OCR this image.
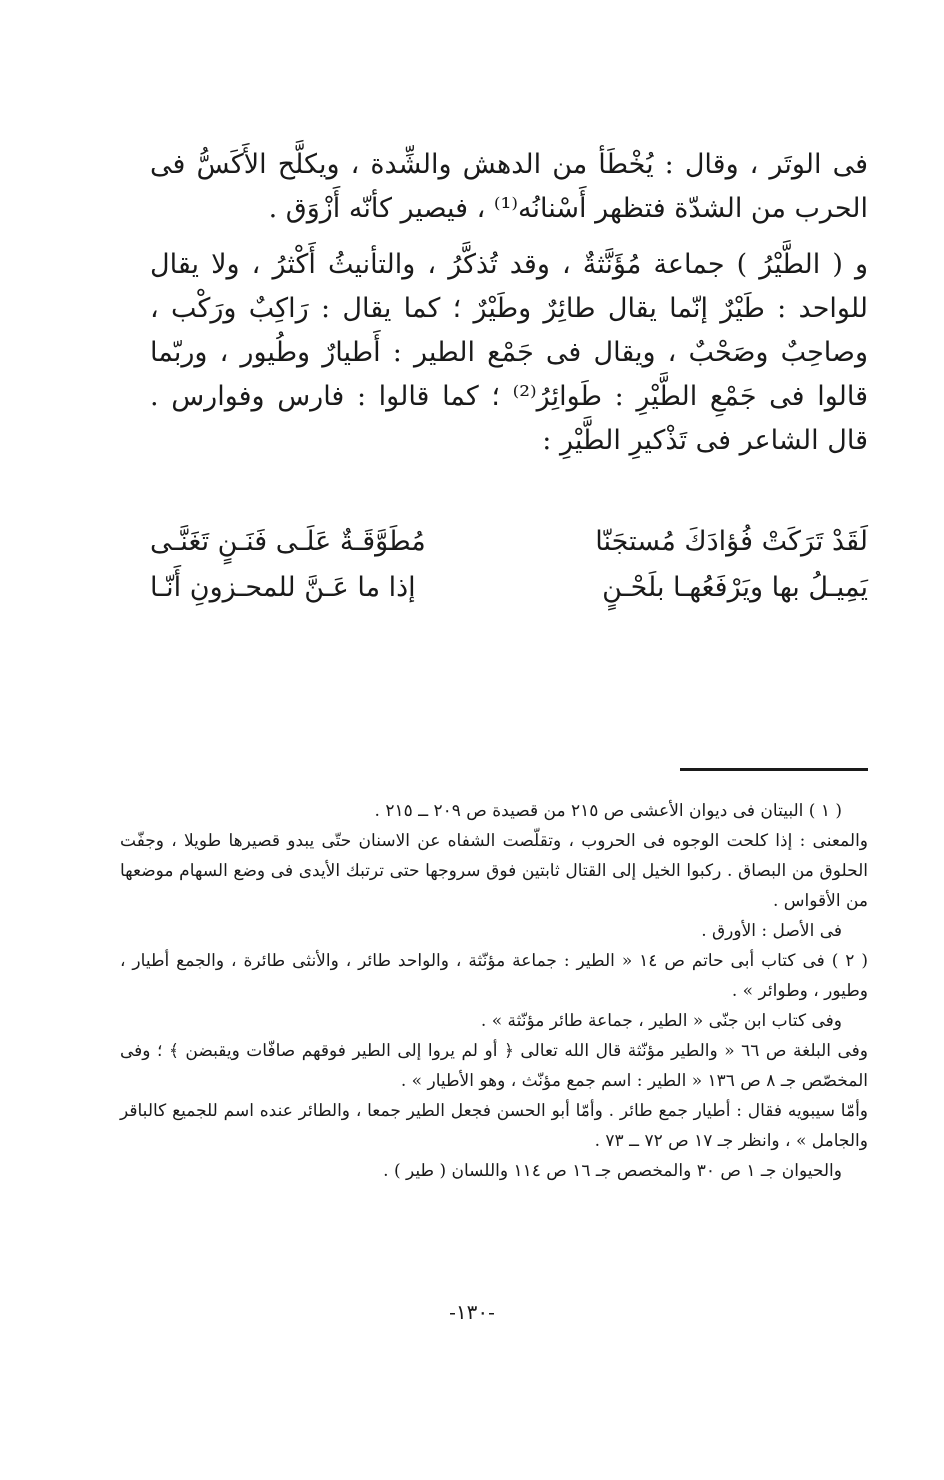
فى الوتَر ، وقال : يُخْطَأ من الدهش والشِّدة ، ويكلَّح الأَكَسُّ فى الحرب من الشدّة فتظهر أَسْنانُه⁽¹⁾ ، فيصير كأنّه أَزْوَق .

و ( الطَّيْرُ ) جماعة مُؤَنَّثةٌ ، وقد تُذكَّرُ ، والتأنيثُ أَكْثرُ ، ولا يقال للواحد : طَيْرٌ إنّما يقال طائِرٌ وطَيْرٌ ؛ كما يقال : رَاكِبٌ ورَكْب ، وصاحِبٌ وصَحْبٌ ، ويقال فى جَمْع الطير : أَطيارٌ وطُيور ، وربّما قالوا فى جَمْعِ الطَّيْرِ : طَوائِرُ⁽²⁾ ؛ كما قالوا : فارس وفوارس . قال الشاعر فى تَذْكيرِ الطَّيْرِ :

لَقَدْ تَرَكَتْ فُؤادَكَ مُستجَنّا
مُطَوَّقَـةٌ عَلَـى فَنَـنٍ تَغَنَّـى
يَمِيـلُ بها ويَرْفَعُهـا بلَحْـنٍ
إذا ما عَـنَّ للمحـزونِ أَنّـا

( ١ ) البيتان فى ديوان الأعشى ص ٢١٥ من قصيدة ص ٢٠٩ ــ ٢١٥ .

والمعنى : إذا كلحت الوجوه فى الحروب ، وتقلّصت الشفاه عن الاسنان حتّى يبدو قصيرها طويلا ، وجفّت الحلوق من البصاق . ركبوا الخيل إلى القتال ثابتين فوق سروجها حتى ترتبك الأيدى فى وضع السهام موضعها من الأقواس .

فى الأصل : الأورق .

( ٢ ) فى كتاب أبى حاتم ص ١٤ « الطير : جماعة مؤنّثة ، والواحد طائر ، والأنثى طائرة ، والجمع أطيار ، وطيور ، وطوائر » .

وفى كتاب ابن جنّى « الطير ، جماعة طائر مؤنّثة » .

وفى البلغة ص ٦٦ « والطير مؤنّثة قال الله تعالى ﴿ أو لم يروا إلى الطير فوقهم صافّات ويقبضن ﴾ ؛ وفى المخصّص جـ ٨ ص ١٣٦ « الطير : اسم جمع مؤنّث ، وهو الأطيار » .

وأمّا سيبويه فقال : أطيار جمع طائر . وأمّا أبو الحسن فجعل الطير جمعا ، والطائر عنده اسم للجميع كالباقر والجامل » ، وانظر جـ ١٧ ص ٧٢ ــ ٧٣ .

والحيوان جـ ١ ص ٣٠ والمخصص جـ ١٦ ص ١١٤ واللسان ( طير ) .

-١٣٠-
